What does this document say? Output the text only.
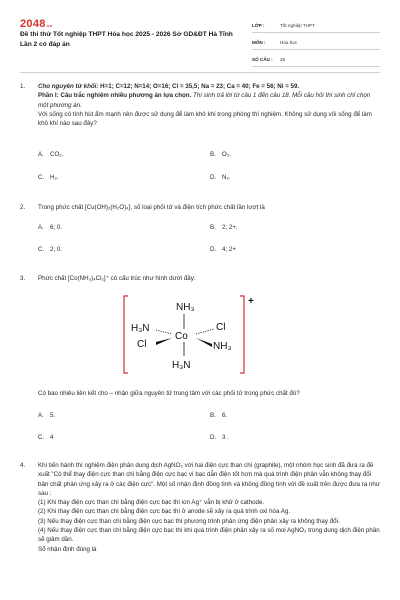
2048.vn
Đề thi thử Tốt nghiệp THPT Hóa học 2025 - 2026 Sở GD&ĐT Hà Tĩnh Lần 2 có đáp án
LỚP :	Tốt nghiệp THPT
MÔN :	Hóa học
SỐ CÂU :	28
1.	Cho nguyên tử khối: H=1; C=12; N=14; O=16; Cl = 35,5; Na = 23; Ca = 40; Fe = 56; Ni = 59.

Phần I: Câu trắc nghiệm nhiều phương án lựa chọn. Thí sinh trả lời từ câu 1 đến câu 18. Mỗi câu hỏi thí sinh chỉ chọn một phương án.

Với sống có tính hút ẩm mạnh nên được sử dụng để làm khô khí trong phòng thí nghiệm. Không sử dụng vôi sống để làm khô khí nào sau đây?

A. CO₂.	B. O₂.
C. H₂.	D. N₂.
2.	Trong phức chất [Cu(OH)₂(H₂O)₄], số loại phối tử và điện tích phức chất lần lượt là

A. 6; 0.	B. 2; 2+.
C. 2; 0.	D. 4; 2+
3.	Phức chất [Co(NH₃)₄Cl₂]⁺ có cấu trúc như hình dưới đây:

+
NH₃
H₃N
Co
Cl
Cl	NH₃
H₃N

Có bao nhiêu liên kết cho – nhận giữa nguyên tử trung tâm với các phối tử trong phức chất đó?

A. 5.	B. 6.
C. 4	D. 3 .
4.	Khi tiến hành thí nghiệm điện phân dung dịch AgNO₃ với hai điện cực than chì (graphite), một nhóm học sinh đã đưa ra đề xuất "Có thể thay điện cực than chì bằng điện cực bạc vì bạc dẫn điện tốt hơn mà quá trình điện phân vẫn không thay đổi bản chất phản ứng xảy ra ở các điện cực". Một số nhận định đồng tình và không đồng tình với đề xuất trên được đưa ra như sau :

(1) Khi thay điện cực than chì bằng điện cực bạc thì ion Ag⁺ vẫn bị khử ở cathode.

(2) Khi thay điện cực than chì bằng điện cực bạc thì ở anode sẽ xảy ra quá trình oxi hóa Ag.

(3) Nếu thay điện cực than chì bằng điện cực bạc thì phương trình phản ứng điện phân xảy ra không thay đổi.

(4) Nếu thay điện cực than chì bằng điện cực bạc thì khi quá trình điện phân xảy ra số mol AgNO₃ trong dung dịch điện phân sẽ giảm dần.

Số nhận định đúng là
